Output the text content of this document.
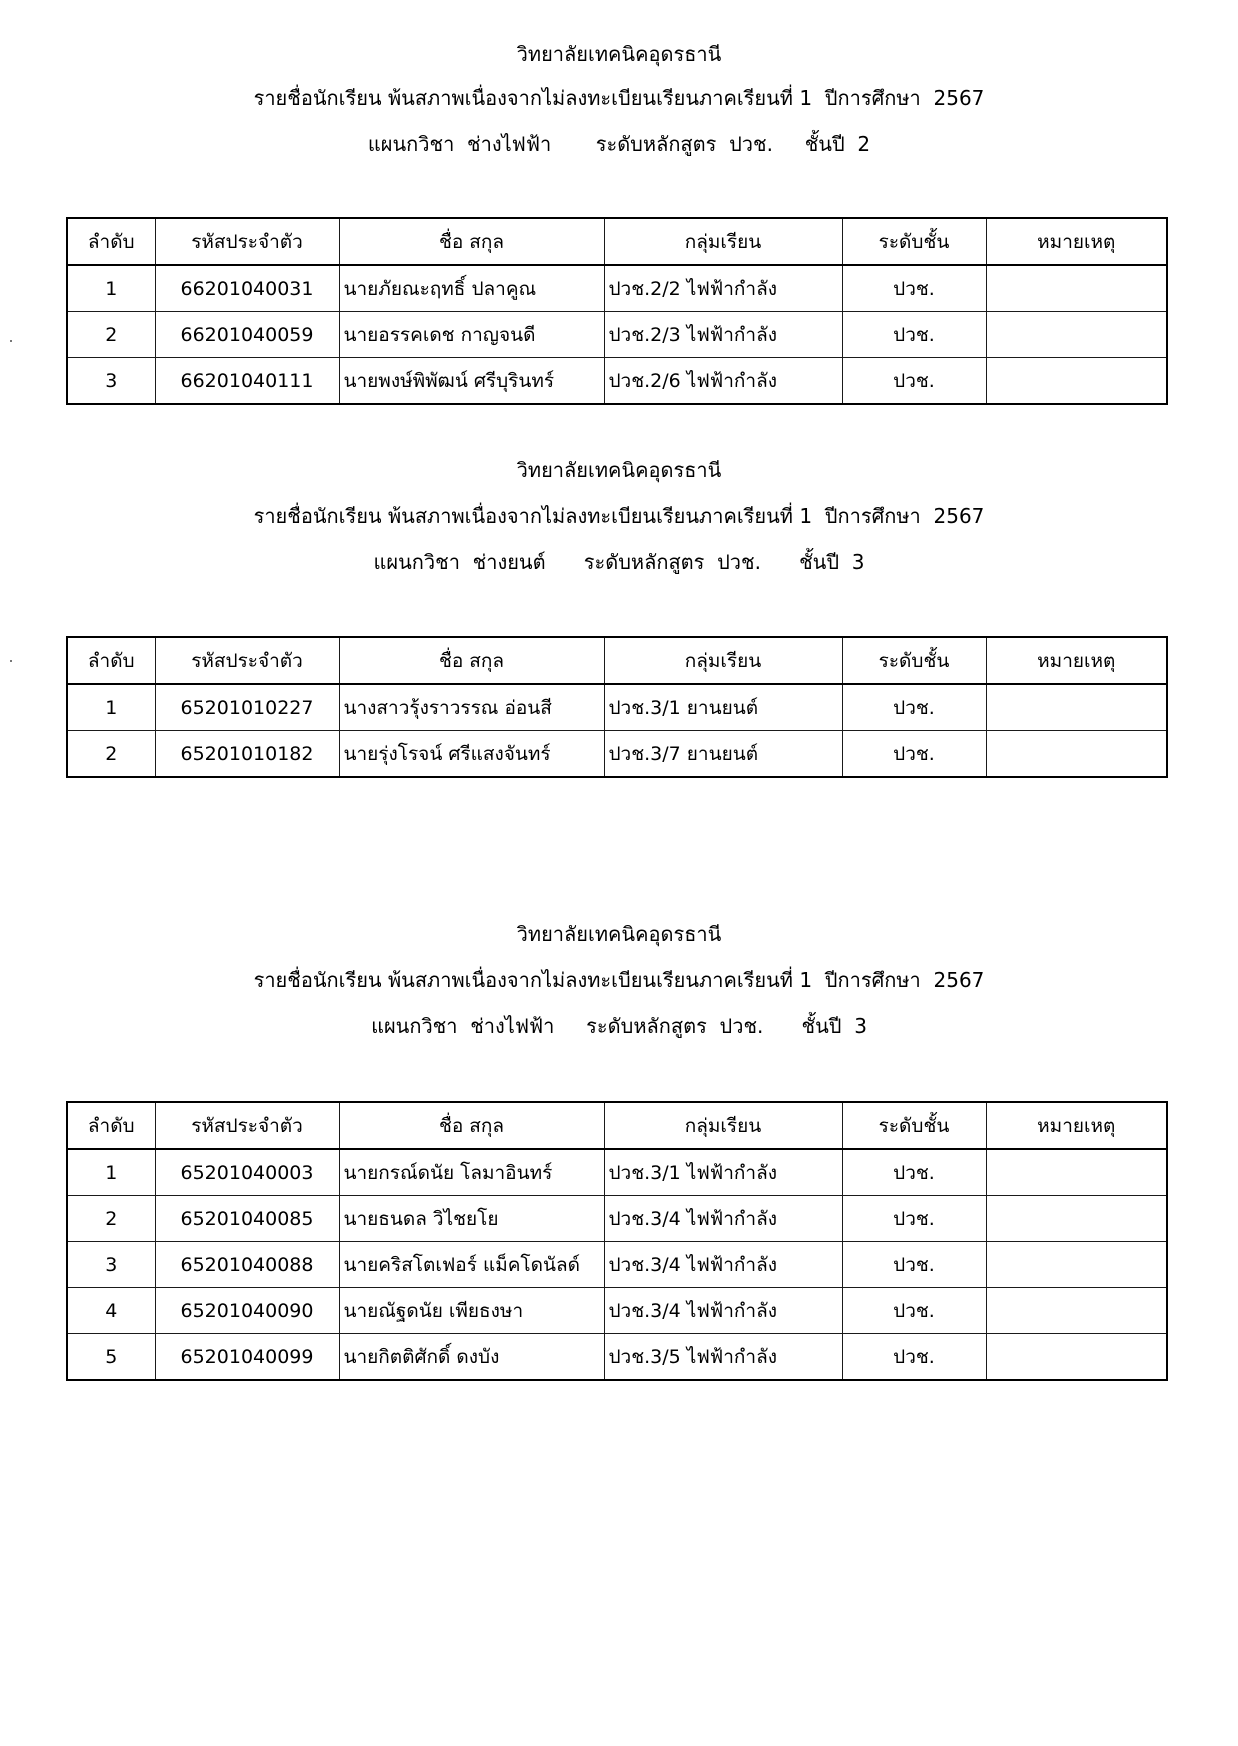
วิทยาลัยเทคนิคอุดรธานี
รายชื่อนักเรียน พ้นสภาพเนื่องจากไม่ลงทะเบียนเรียนภาคเรียนที่ 1  ปีการศึกษา  2567
แผนกวิชา  ช่างไฟฟ้า       ระดับหลักสูตร  ปวช.     ชั้นปี  2
ลำดับ	รหัสประจำตัว	ชื่อ สกุล	กลุ่มเรียน	ระดับชั้น	หมายเหตุ
1	66201040031	นายภัยณะฤทธิ์ ปลาคูณ	ปวช.2/2 ไฟฟ้ากำลัง	ปวช.	
2	66201040059	นายอรรคเดช กาญจนดี	ปวช.2/3 ไฟฟ้ากำลัง	ปวช.	
3	66201040111	นายพงษ์พิพัฒน์ ศรีบุรินทร์	ปวช.2/6 ไฟฟ้ากำลัง	ปวช.	
วิทยาลัยเทคนิคอุดรธานี
รายชื่อนักเรียน พ้นสภาพเนื่องจากไม่ลงทะเบียนเรียนภาคเรียนที่ 1  ปีการศึกษา  2567
แผนกวิชา  ช่างยนต์      ระดับหลักสูตร  ปวช.      ชั้นปี  3
ลำดับ	รหัสประจำตัว	ชื่อ สกุล	กลุ่มเรียน	ระดับชั้น	หมายเหตุ
1	65201010227	นางสาวรุ้งราวรรณ อ่อนสี	ปวช.3/1 ยานยนต์	ปวช.	
2	65201010182	นายรุ่งโรจน์ ศรีแสงจันทร์	ปวช.3/7 ยานยนต์	ปวช.	
วิทยาลัยเทคนิคอุดรธานี
รายชื่อนักเรียน พ้นสภาพเนื่องจากไม่ลงทะเบียนเรียนภาคเรียนที่ 1  ปีการศึกษา  2567
แผนกวิชา  ช่างไฟฟ้า     ระดับหลักสูตร  ปวช.      ชั้นปี  3
ลำดับ	รหัสประจำตัว	ชื่อ สกุล	กลุ่มเรียน	ระดับชั้น	หมายเหตุ
1	65201040003	นายกรณ์ดนัย โลมาอินทร์	ปวช.3/1 ไฟฟ้ากำลัง	ปวช.	
2	65201040085	นายธนดล วิไชยโย	ปวช.3/4 ไฟฟ้ากำลัง	ปวช.	
3	65201040088	นายคริสโตเฟอร์ แม็คโดนัลด์	ปวช.3/4 ไฟฟ้ากำลัง	ปวช.	
4	65201040090	นายณัฐดนัย เพียธงษา	ปวช.3/4 ไฟฟ้ากำลัง	ปวช.	
5	65201040099	นายกิตติศักดิ์ ดงบัง	ปวช.3/5 ไฟฟ้ากำลัง	ปวช.	
